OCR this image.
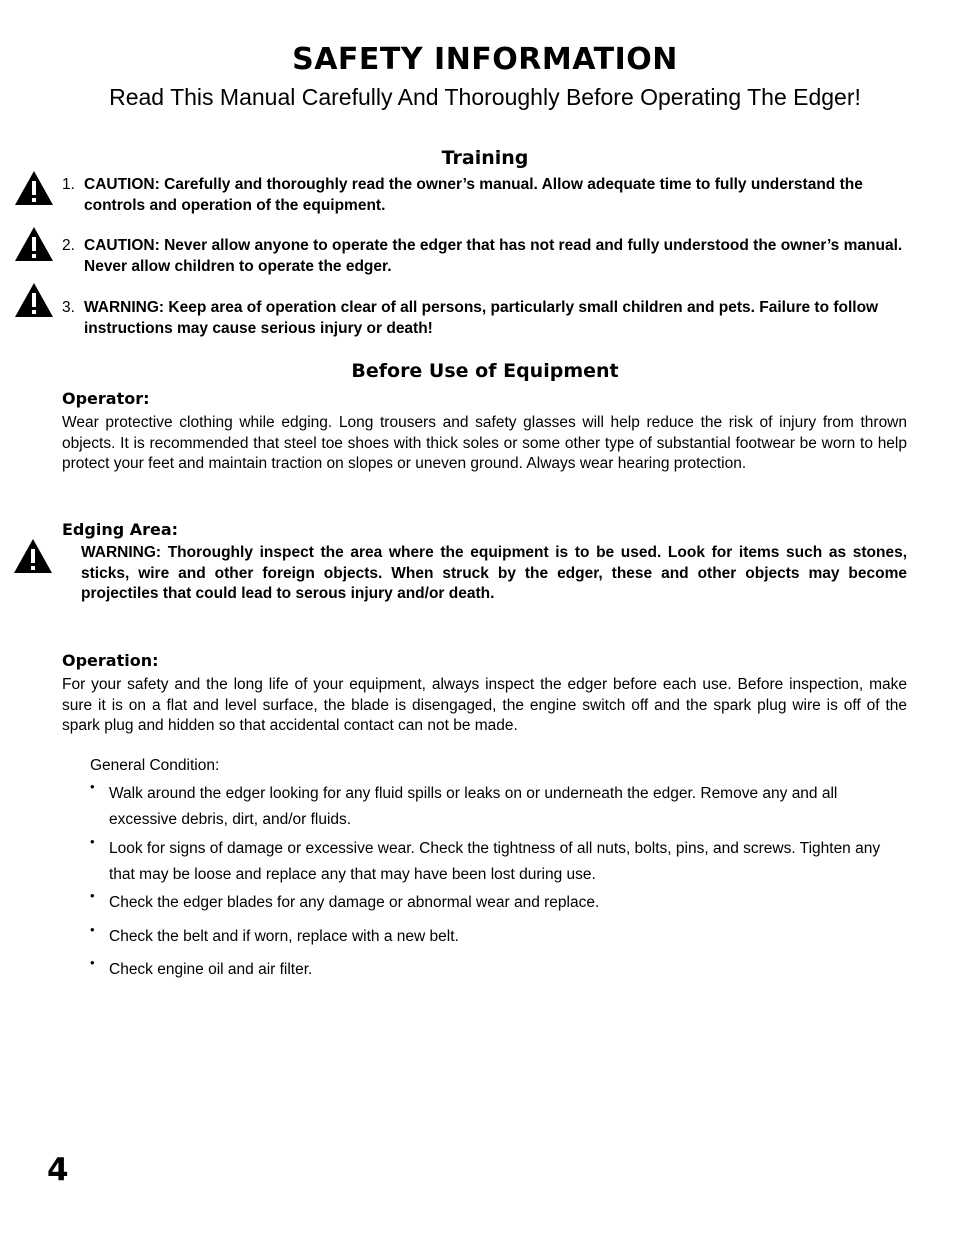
SAFETY INFORMATION
Read This Manual Carefully And Thoroughly Before Operating The Edger!
Training
1. CAUTION: Carefully and thoroughly read the owner’s manual. Allow adequate time to fully understand the controls and operation of the equipment.
2. CAUTION: Never allow anyone to operate the edger that has not read and fully understood the owner’s manual. Never allow children to operate the edger.
3. WARNING: Keep area of operation clear of all persons, particularly small children and pets. Failure to follow instructions may cause serious injury or death!
Before Use of Equipment
Operator:
Wear protective clothing while edging. Long trousers and safety glasses will help reduce the risk of injury from thrown objects. It is recommended that steel toe shoes with thick soles or some other type of substantial footwear be worn to help protect your feet and maintain traction on slopes or uneven ground. Always wear hearing protection.
Edging Area:
WARNING: Thoroughly inspect the area where the equipment is to be used. Look for items such as stones, sticks, wire and other foreign objects. When struck by the edger, these and other objects may become projectiles that could lead to serous injury and/or death.
Operation:
For your safety and the long life of your equipment, always inspect the edger before each use. Before inspection, make sure it is on a flat and level surface, the blade is disengaged, the engine switch off and the spark plug wire is off of the spark plug and hidden so that accidental contact can not be made.
General Condition:
• Walk around the edger looking for any fluid spills or leaks on or underneath the edger. Remove any and all excessive debris, dirt, and/or fluids.
• Look for signs of damage or excessive wear. Check the tightness of all nuts, bolts, pins, and screws. Tighten any that may be loose and replace any that may have been lost during use.
• Check the edger blades for any damage or abnormal wear and replace.
• Check the belt and if worn, replace with a new belt.
• Check engine oil and air filter.
4
